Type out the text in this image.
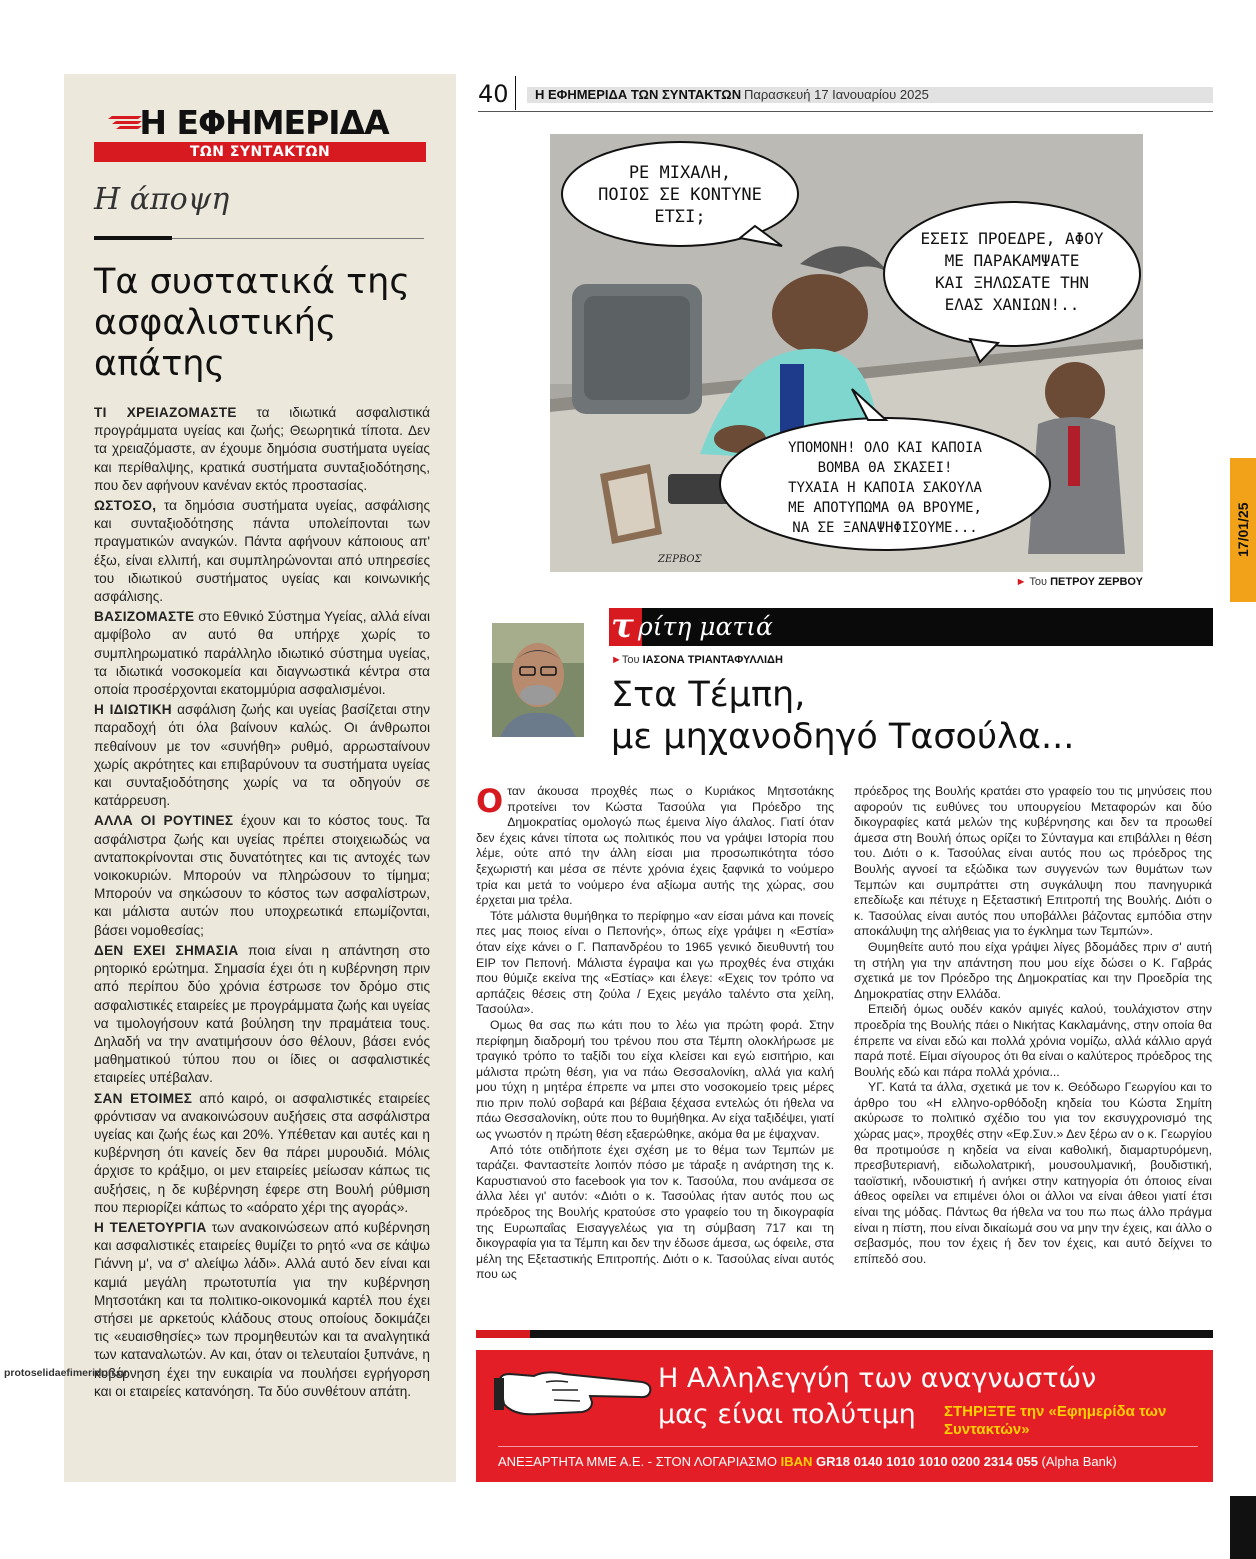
Η ΕΦΗΜΕΡΙΔΑ
ΤΩΝ ΣΥΝΤΑΚΤΩΝ
Η άποψη
Τα συστατικά της ασφαλιστικής απάτης

ΤΙ ΧΡΕΙΑΖΟΜΑΣΤΕ τα ιδιωτικά ασφαλιστικά προγράμματα υγείας και ζωής; Θεωρητικά τίποτα. Δεν τα χρειαζόμαστε, αν έχουμε δημόσια συστήματα υγείας και περίθαλψης, κρατικά συστήματα συνταξιοδότησης, που δεν αφήνουν κανέναν εκτός προστασίας.

ΩΣΤΟΣΟ, τα δημόσια συστήματα υγείας, ασφάλισης και συνταξιοδότησης πάντα υπολείπονται των πραγματικών αναγκών. Πάντα αφήνουν κάποιους απ' έξω, είναι ελλιπή, και συμπληρώνονται από υπηρεσίες του ιδιωτικού συστήματος υγείας και κοινωνικής ασφάλισης.

ΒΑΣΙΖΟΜΑΣΤΕ στο Εθνικό Σύστημα Υγείας, αλλά είναι αμφίβολο αν αυτό θα υπήρχε χωρίς το συμπληρωματικό παράλληλο ιδιωτικό σύστημα υγείας, τα ιδιωτικά νοσοκομεία και διαγνωστικά κέντρα στα οποία προσέρχονται εκατομμύρια ασφαλισμένοι.

Η ΙΔΙΩΤΙΚΗ ασφάλιση ζωής και υγείας βασίζεται στην παραδοχή ότι όλα βαίνουν καλώς. Οι άνθρωποι πεθαίνουν με τον «συνήθη» ρυθμό, αρρωσταίνουν χωρίς ακρότητες και επιβαρύνουν τα συστήματα υγείας και συνταξιοδότησης χωρίς να τα οδηγούν σε κατάρρευση.

ΑΛΛΑ ΟΙ ΡΟΥΤΙΝΕΣ έχουν και το κόστος τους. Τα ασφάλιστρα ζωής και υγείας πρέπει στοιχειωδώς να ανταποκρίνονται στις δυνατότητες και τις αντοχές των νοικοκυριών. Μπορούν να πληρώσουν το τίμημα; Μπορούν να σηκώσουν το κόστος των ασφαλίστρων, και μάλιστα αυτών που υποχρεωτικά επωμίζονται, βάσει νομοθεσίας;

ΔΕΝ ΕΧΕΙ ΣΗΜΑΣΙΑ ποια είναι η απάντηση στο ρητορικό ερώτημα. Σημασία έχει ότι η κυβέρνηση πριν από περίπου δύο χρόνια έστρωσε τον δρόμο στις ασφαλιστικές εταιρείες με προγράμματα ζωής και υγείας να τιμολογήσουν κατά βούληση την πραμάτεια τους. Δηλαδή να την ανατιμήσουν όσο θέλουν, βάσει ενός μαθηματικού τύπου που οι ίδιες οι ασφαλιστικές εταιρείες υπέβαλαν.

ΣΑΝ ΕΤΟΙΜΕΣ από καιρό, οι ασφαλιστικές εταιρείες φρόντισαν να ανακοινώσουν αυξήσεις στα ασφάλιστρα υγείας και ζωής έως και 20%. Υπέθεταν και αυτές και η κυβέρνηση ότι κανείς δεν θα πάρει μυρουδιά. Μόλις άρχισε το κράξιμο, οι μεν εταιρείες μείωσαν κάπως τις αυξήσεις, η δε κυβέρνηση έφερε στη Βουλή ρύθμιση που περιορίζει κάπως το «αόρατο χέρι της αγοράς».

Η ΤΕΛΕΤΟΥΡΓΙΑ των ανακοινώσεων από κυβέρνηση και ασφαλιστικές εταιρείες θυμίζει το ρητό «να σε κάψω Γιάννη μ', να σ' αλείψω λάδι». Αλλά αυτό δεν είναι και καμιά μεγάλη πρωτοτυπία για την κυβέρνηση Μητσοτάκη και τα πολιτικο-οικονομικά καρτέλ που έχει στήσει με αρκετούς κλάδους στους οποίους δοκιμάζει τις «ευαισθησίες» των προμηθευτών και τα αναλγητικά των καταναλωτών. Αν και, όταν οι τελευταίοι ξυπνάνε, η κυβέρνηση έχει την ευκαιρία να πουλήσει εγρήγορση και οι εταιρείες κατανόηση. Τα δύο συνθέτουν απάτη.

protoselidaefimeridon.gr
40 Η ΕΦΗΜΕΡΙΔΑ ΤΩΝ ΣΥΝΤΑΚΤΩΝ Παρασκευή 17 Ιανουαρίου 2025
ΡΕ ΜΙΧΑΛΗ,
ΠΟΙΟΣ ΣΕ ΚΟΝΤΥΝΕ
ΕΤΣΙ;
ΕΣΕΙΣ ΠΡΟΕΔΡΕ, ΑΦΟΥ
ΜΕ ΠΑΡΑΚΑΜΨΑΤΕ
ΚΑΙ ΞΗΛΩΣΑΤΕ ΤΗΝ
ΕΛΑΣ ΧΑΝΙΩΝ!..
ΥΠΟΜΟΝΗ! ΟΛΟ ΚΑΙ ΚΑΠΟΙΑ
ΒΟΜΒΑ ΘΑ ΣΚΑΣΕΙ!
ΤΥΧΑΙΑ Η ΚΑΠΟΙΑ ΣΑΚΟΥΛΑ
ΜΕ ΑΠΟΤΥΠΩΜΑ ΘΑ ΒΡΟΥΜΕ,
ΝΑ ΣΕ ΞΑΝΑΨΗΦΙΣΟΥΜΕ...
ΖΕΡΒΟΣ
► Του ΠΕΤΡΟΥ ΖΕΡΒΟΥ
17/01/25
τ ρίτη ματιά
►Του ΙΑΣΟΝΑ ΤΡΙΑΝΤΑΦΥΛΛΙΔΗ
Στα Τέμπη,
με μηχανοδηγό Τασούλα...

Οταν άκουσα προχθές πως ο Κυριάκος Μητσοτάκης προτείνει τον Κώστα Τασούλα για Πρόεδρο της Δημοκρατίας ομολογώ πως έμεινα λίγο άλαλος. Γιατί όταν δεν έχεις κάνει τίποτα ως πολιτικός που να γράψει Ιστορία που λέμε, ούτε από την άλλη είσαι μια προσωπικότητα τόσο ξεχωριστή και μέσα σε πέντε χρόνια έχεις ξαφνικά το νούμερο τρία και μετά το νούμερο ένα αξίωμα αυτής της χώρας, σου έρχεται μια τρέλα.

Τότε μάλιστα θυμήθηκα το περίφημο «αν είσαι μάνα και πονείς πες μας ποιος είναι ο Πεπονής», όπως είχε γράψει η «Εστία» όταν είχε κάνει ο Γ. Παπανδρέου το 1965 γενικό διευθυντή του ΕΙΡ τον Πεπονή. Μάλιστα έγραψα και γω προχθές ένα στιχάκι που θύμιζε εκείνα της «Εστίας» και έλεγε: «Εχεις τον τρόπο να αρπάζεις θέσεις στη ζούλα / Εχεις μεγάλο ταλέντο στα χείλη, Τασούλα».

Ομως θα σας πω κάτι που το λέω για πρώτη φορά. Στην περίφημη διαδρομή του τρένου που στα Τέμπη ολοκλήρωσε με τραγικό τρόπο το ταξίδι του είχα κλείσει και εγώ εισιτήριο, και μάλιστα πρώτη θέση, για να πάω Θεσσαλονίκη, αλλά για καλή μου τύχη η μητέρα έπρεπε να μπει στο νοσοκομείο τρεις μέρες πιο πριν πολύ σοβαρά και βέβαια ξέχασα εντελώς ότι ήθελα να πάω Θεσσαλονίκη, ούτε που το θυμήθηκα. Αν είχα ταξιδέψει, γιατί ως γνωστόν η πρώτη θέση εξαερώθηκε, ακόμα θα με έψαχναν.

Από τότε οτιδήποτε έχει σχέση με το θέμα των Τεμπών με ταράζει. Φανταστείτε λοιπόν πόσο με τάραξε η ανάρτηση της κ. Καρυστιανού στο facebook για τον κ. Τασούλα, που ανάμεσα σε άλλα λέει γι' αυτόν: «Διότι ο κ. Τασούλας ήταν αυτός που ως πρόεδρος της Βουλής κρατούσε στο γραφείο του τη δικογραφία της Ευρωπαΐας Εισαγγελέως για τη σύμβαση 717 και τη δικογραφία για τα Τέμπη και δεν την έδωσε άμεσα, ως όφειλε, στα μέλη της Εξεταστικής Επιτροπής. Διότι ο κ. Τασούλας είναι αυτός που ως

πρόεδρος της Βουλής κρατάει στο γραφείο του τις μηνύσεις που αφορούν τις ευθύνες του υπουργείου Μεταφορών και δύο δικογραφίες κατά μελών της κυβέρνησης και δεν τα προωθεί άμεσα στη Βουλή όπως ορίζει το Σύνταγμα και επιβάλλει η θέση του. Διότι ο κ. Τασούλας είναι αυτός που ως πρόεδρος της Βουλής αγνοεί τα εξώδικα των συγγενών των θυμάτων των Τεμπών και συμπράττει στη συγκάλυψη που πανηγυρικά επεδίωξε και πέτυχε η Εξεταστική Επιτροπή της Βουλής. Διότι ο κ. Τασούλας είναι αυτός που υποβάλλει βάζοντας εμπόδια στην αποκάλυψη της αλήθειας για το έγκλημα των Τεμπών».

Θυμηθείτε αυτό που είχα γράψει λίγες βδομάδες πριν σ' αυτή τη στήλη για την απάντηση που μου είχε δώσει ο Κ. Γαβράς σχετικά με τον Πρόεδρο της Δημοκρατίας και την Προεδρία της Δημοκρατίας στην Ελλάδα.

Επειδή όμως ουδέν κακόν αμιγές καλού, τουλάχιστον στην προεδρία της Βουλής πάει ο Νικήτας Κακλαμάνης, στην οποία θα έπρεπε να είναι εδώ και πολλά χρόνια νομίζω, αλλά κάλλιο αργά παρά ποτέ. Είμαι σίγουρος ότι θα είναι ο καλύτερος πρόεδρος της Βουλής εδώ και πάρα πολλά χρόνια...

ΥΓ. Κατά τα άλλα, σχετικά με τον κ. Θεόδωρο Γεωργίου και το άρθρο του «Η ελληνο-ορθόδοξη κηδεία του Κώστα Σημίτη ακύρωσε το πολιτικό σχέδιο του για τον εκσυγχρονισμό της χώρας μας», προχθές στην «Εφ.Συν.» Δεν ξέρω αν ο κ. Γεωργίου θα προτιμούσε η κηδεία να είναι καθολική, διαμαρτυρόμενη, πρεσβυτεριανή, ειδωλολατρική, μουσουλμανική, βουδιστική, ταοϊστική, ινδουιστική ή ανήκει στην κατηγορία ότι όποιος είναι άθεος οφείλει να επιμένει όλοι οι άλλοι να είναι άθεοι γιατί έτσι είναι της μόδας. Πάντως θα ήθελα να του πω πως άλλο πράγμα είναι η πίστη, που είναι δικαίωμά σου να μην την έχεις, και άλλο ο σεβασμός, που τον έχεις ή δεν τον έχεις, και αυτό δείχνει το επίπεδό σου.

Η Αλληλεγγύη των αναγνωστών
μας είναι πολύτιμη ΣΤΗΡΙΞΤΕ την «Εφημερίδα των Συντακτών»
ΑΝΕΞΑΡΤΗΤΑ ΜΜΕ Α.Ε. - ΣΤΟΝ ΛΟΓΑΡΙΑΣΜΟ IBAN GR18 0140 1010 1010 0200 2314 055 (Alpha Bank)
